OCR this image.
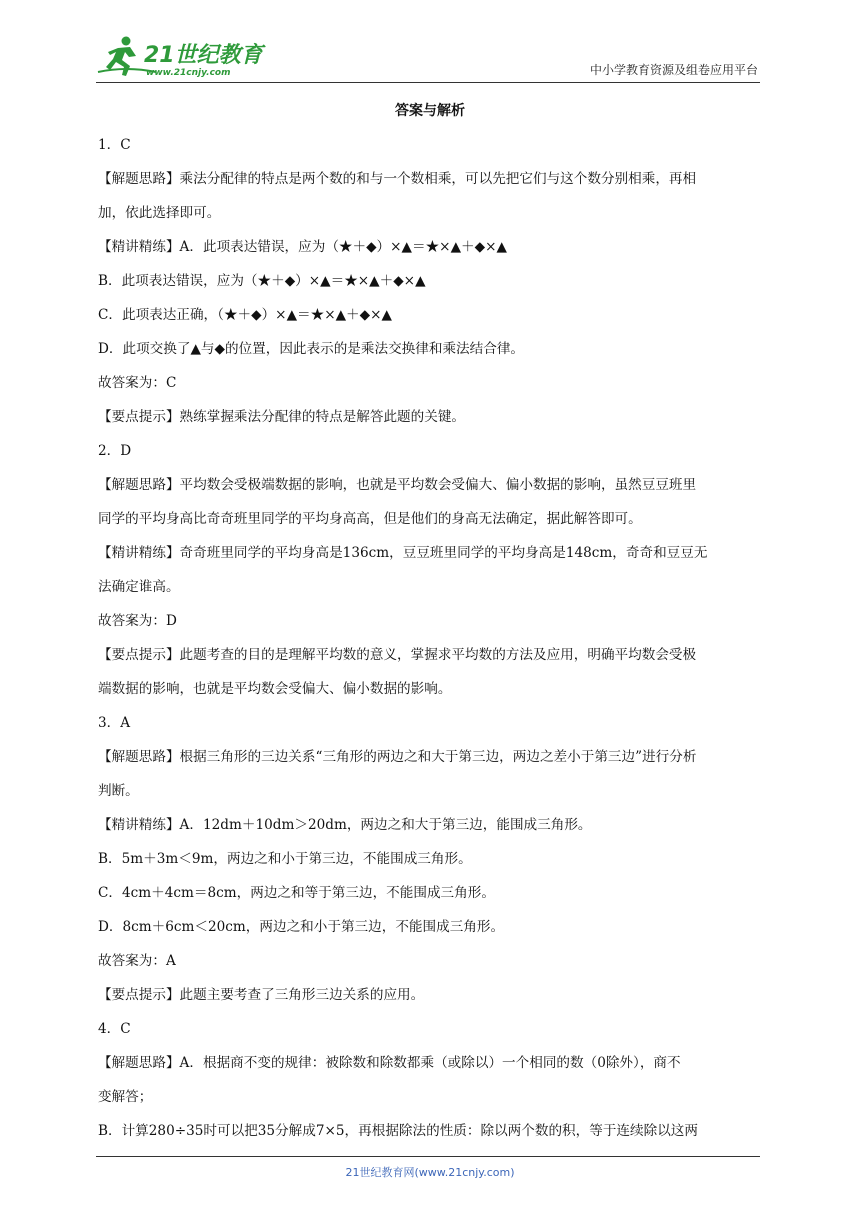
21世纪教育
www.21cnjy.com	中小学教育资源及组卷应用平台
答案与解析

1．C

【解题思路】乘法分配律的特点是两个数的和与一个数相乘，可以先把它们与这个数分别相乘，再相

加，依此选择即可。

【精讲精练】A．此项表达错误，应为（★＋◆）×▲＝★×▲＋◆×▲

B．此项表达错误，应为（★＋◆）×▲＝★×▲＋◆×▲

C．此项表达正确，（★＋◆）×▲＝★×▲＋◆×▲

D．此项交换了▲与◆的位置，因此表示的是乘法交换律和乘法结合律。

故答案为：C

【要点提示】熟练掌握乘法分配律的特点是解答此题的关键。

2．D

【解题思路】平均数会受极端数据的影响，也就是平均数会受偏大、偏小数据的影响，虽然豆豆班里

同学的平均身高比奇奇班里同学的平均身高高，但是他们的身高无法确定，据此解答即可。

【精讲精练】奇奇班里同学的平均身高是136cm，豆豆班里同学的平均身高是148cm，奇奇和豆豆无

法确定谁高。

故答案为：D

【要点提示】此题考查的目的是理解平均数的意义，掌握求平均数的方法及应用，明确平均数会受极

端数据的影响，也就是平均数会受偏大、偏小数据的影响。

3．A

【解题思路】根据三角形的三边关系“三角形的两边之和大于第三边，两边之差小于第三边”进行分析

判断。

【精讲精练】A．12dm＋10dm＞20dm，两边之和大于第三边，能围成三角形。

B．5m＋3m＜9m，两边之和小于第三边，不能围成三角形。

C．4cm＋4cm＝8cm，两边之和等于第三边，不能围成三角形。

D．8cm＋6cm＜20cm，两边之和小于第三边，不能围成三角形。

故答案为：A

【要点提示】此题主要考查了三角形三边关系的应用。

4．C

【解题思路】A．根据商不变的规律：被除数和除数都乘（或除以）一个相同的数（0除外），商不

变解答；

B．计算280÷35时可以把35分解成7×5，再根据除法的性质：除以两个数的积，等于连续除以这两

21世纪教育网(www.21cnjy.com)
